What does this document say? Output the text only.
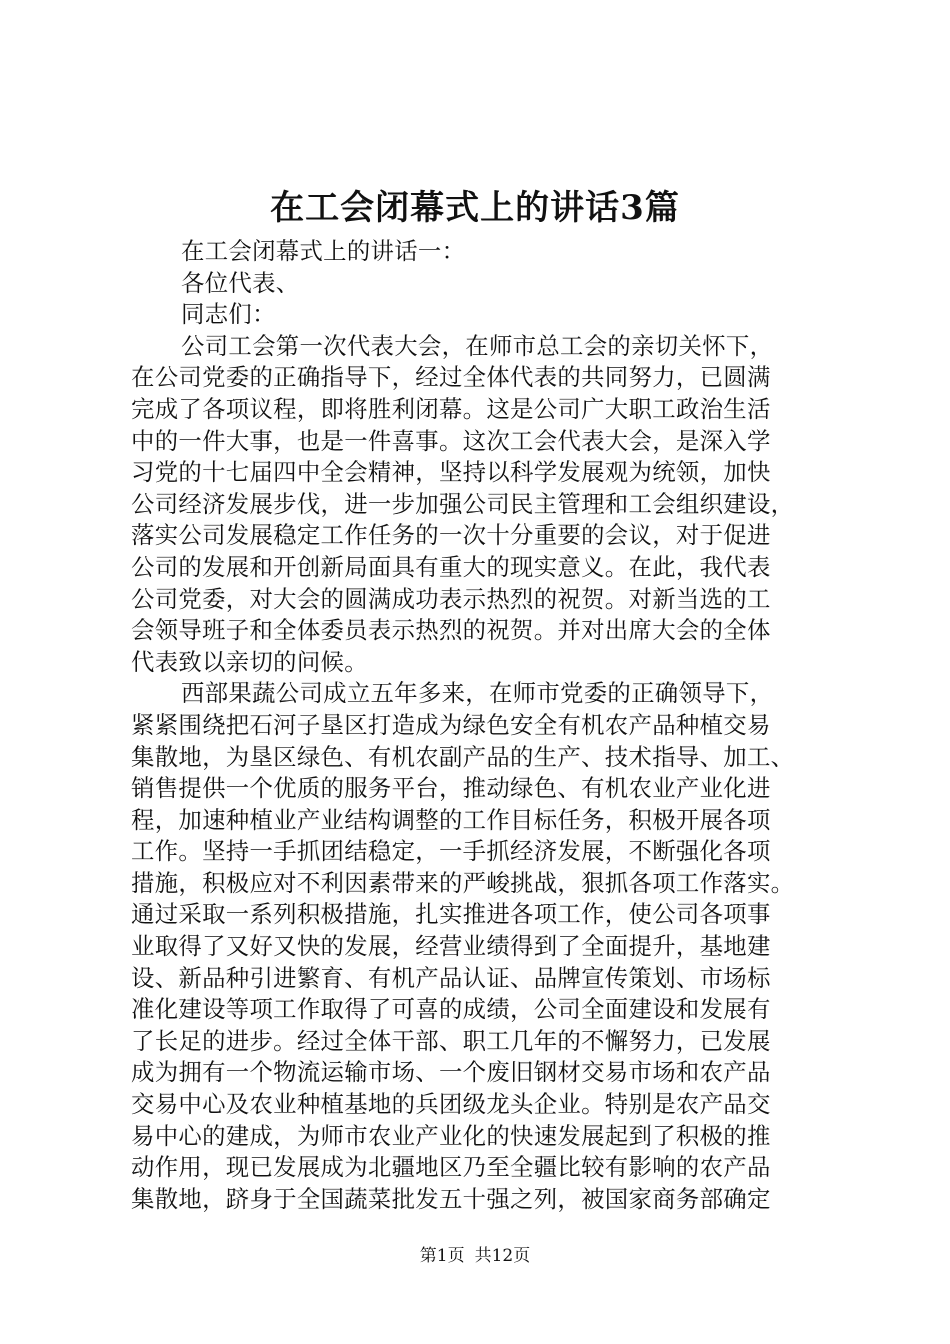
在工会闭幕式上的讲话3篇
在工会闭幕式上的讲话一：
各位代表、
同志们：
公司工会第一次代表大会，在师市总工会的亲切关怀下，
在公司党委的正确指导下，经过全体代表的共同努力，已圆满
完成了各项议程，即将胜利闭幕。这是公司广大职工政治生活
中的一件大事，也是一件喜事。这次工会代表大会，是深入学
习党的十七届四中全会精神，坚持以科学发展观为统领，加快
公司经济发展步伐，进一步加强公司民主管理和工会组织建设，
落实公司发展稳定工作任务的一次十分重要的会议，对于促进
公司的发展和开创新局面具有重大的现实意义。在此，我代表
公司党委，对大会的圆满成功表示热烈的祝贺。对新当选的工
会领导班子和全体委员表示热烈的祝贺。并对出席大会的全体
代表致以亲切的问候。
西部果蔬公司成立五年多来，在师市党委的正确领导下，
紧紧围绕把石河子垦区打造成为绿色安全有机农产品种植交易
集散地，为垦区绿色、有机农副产品的生产、技术指导、加工、
销售提供一个优质的服务平台，推动绿色、有机农业产业化进
程，加速种植业产业结构调整的工作目标任务，积极开展各项
工作。坚持一手抓团结稳定，一手抓经济发展，不断强化各项
措施，积极应对不利因素带来的严峻挑战，狠抓各项工作落实。
通过采取一系列积极措施，扎实推进各项工作，使公司各项事
业取得了又好又快的发展，经营业绩得到了全面提升，基地建
设、新品种引进繁育、有机产品认证、品牌宣传策划、市场标
准化建设等项工作取得了可喜的成绩，公司全面建设和发展有
了长足的进步。经过全体干部、职工几年的不懈努力，已发展
成为拥有一个物流运输市场、一个废旧钢材交易市场和农产品
交易中心及农业种植基地的兵团级龙头企业。特别是农产品交
易中心的建成，为师市农业产业化的快速发展起到了积极的推
动作用，现已发展成为北疆地区乃至全疆比较有影响的农产品
集散地，跻身于全国蔬菜批发五十强之列，被国家商务部确定
第1页 共12页
